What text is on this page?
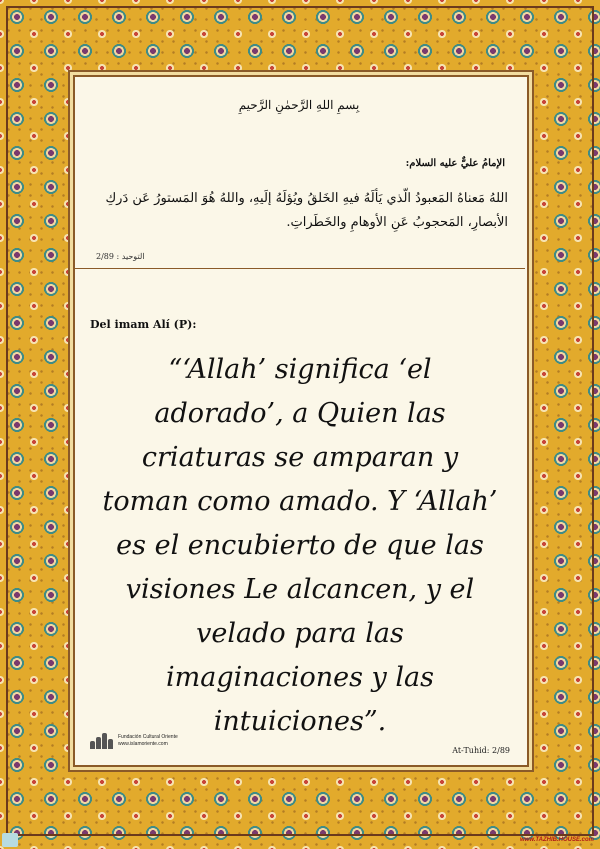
بِسمِ اللهِ الرَّحمٰنِ الرَّحيمِ
الإمامُ عليٌّ عليه السلام:
اللهُ مَعناهُ المَعبودُ الّذي يَألَهُ فيهِ الخَلقُ ويُؤلَهُ إلَيهِ، واللهُ هُوَ المَستورُ عَن دَركِ الأبصارِ، المَحجوبُ عَنِ الأوهامِ والخَطَراتِ.
التوحيد : 2/89
Del imam Alí (P):
“‘Allah’ significa ‘el adorado’, a Quien las criaturas se amparan y toman como amado. Y ‘Allah’ es el encubierto de que las visiones Le alcancen, y el velado para las imaginaciones y las intuiciones”.
Fundación Cultural Oriente
www.islamoriente.com
At-Tuhid: 2/89
www.TAZHIB.HOUSE.com
